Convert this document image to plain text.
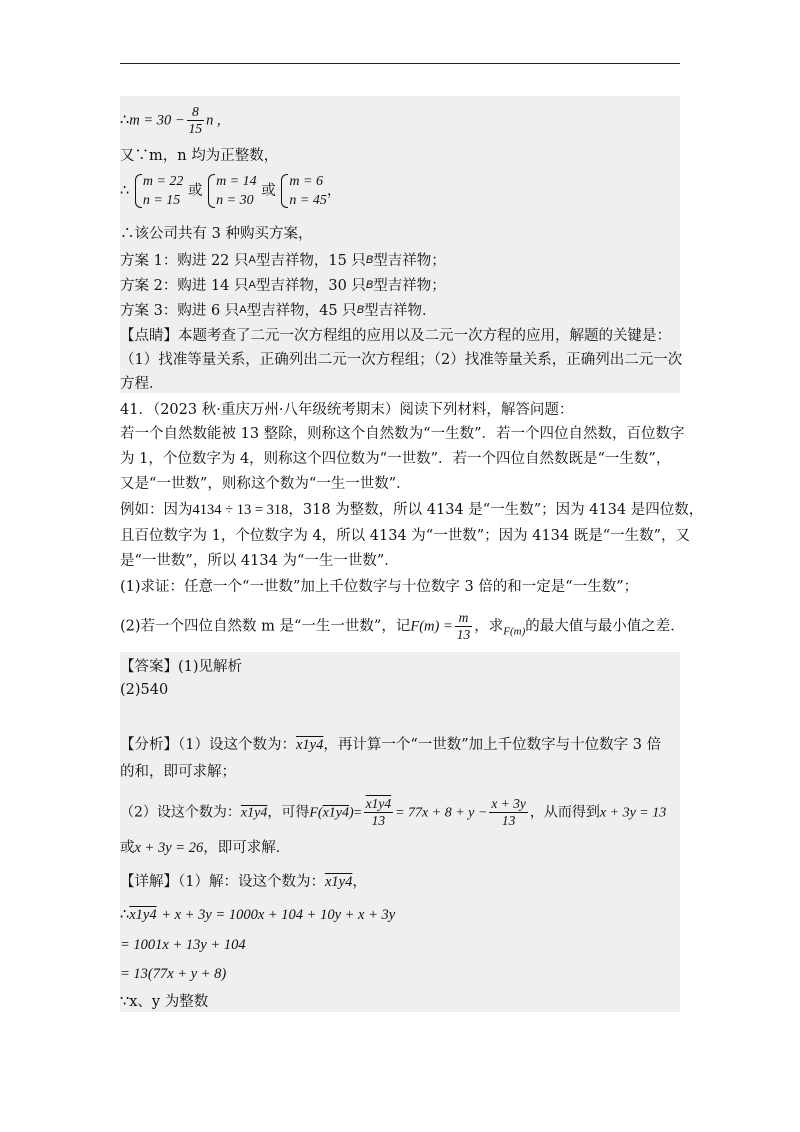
∴m = $30 - \frac{8}{15}$ n ,
又∵m，n 均为正整数，
∴
m = 22
n = 15
或
m = 14
n = 30
或
m = 6
n = 45
，
∴该公司共有 3 种购买方案，
方案 1：购进 22 只A型吉祥物，15 只B型吉祥物；
方案 2：购进 14 只A型吉祥物，30 只B型吉祥物；
方案 3：购进 6 只A型吉祥物，45 只B型吉祥物．
【点睛】本题考查了二元一次方程组的应用以及二元一次方程的应用，解题的关键是：
（1）找准等量关系，正确列出二元一次方程组；（2）找准等量关系，正确列出二元一次
方程．
41．（2023 秋·重庆万州·八年级统考期末）阅读下列材料，解答问题：
若一个自然数能被 13 整除，则称这个自然数为“一生数”．若一个四位自然数，百位数字
为 1，个位数字为 4，则称这个四位数为“一世数”．若一个四位自然数既是“一生数”，
又是“一世数”，则称这个数为“一生一世数”．
例如：因为4134 ÷ 13 = 318，318 为整数，所以 4134 是“一生数”；因为 4134 是四位数，
且百位数字为 1，个位数字为 4，所以 4134 为“一世数”；因为 4134 既是“一生数”，又
是“一世数”，所以 4134 为“一生一世数”．
(1)求证：任意一个“一世数”加上千位数字与十位数字 3 倍的和一定是“一生数”；
(2)若一个四位自然数 m 是“一生一世数”，记$F(m) = \frac{m}{13}$ ，求$_{F(m)}$的最大值与最小值之差．
【答案】(1)见解析
(2)540
【分析】（1）设这个数为：x1y4，再计算一个“一世数”加上千位数字与十位数字 3 倍
的和，即可求解；
（2）设这个数为：x1y4，可得$F(x1y4)= \frac{x1y4}{13} = 77x + 8 + y - \frac{x + 3y}{13}$ ，从而得到x + 3y = 13
或x + 3y = 26，即可求解．
【详解】（1）解：设这个数为：x1y4，
∴x1y4 + x + 3y = 1000x + 104 + 10y + x + 3y
= 1001x + 13y + 104
= 13(77x + y + 8)
∵x、y 为整数
